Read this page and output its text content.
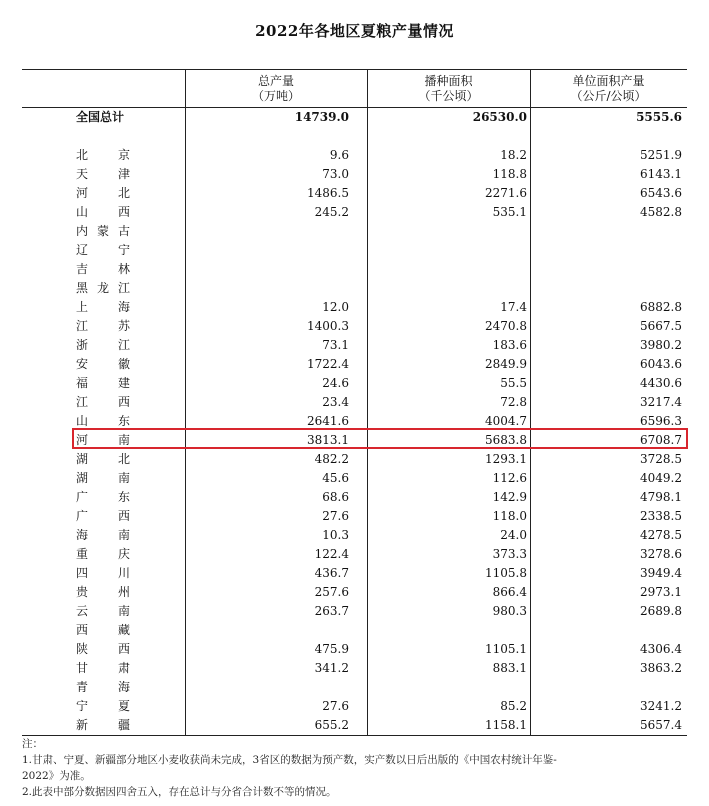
2022年各地区夏粮产量情况
总产量
（万吨）
播种面积
（千公顷）
单位面积产量
（公斤/公顷）
全国总计	14739.0	26530.0	5555.6
北京	9.6	18.2	5251.9
天津	73.0	118.8	6143.1
河北	1486.5	2271.6	6543.6
山西	245.2	535.1	4582.8
内蒙古
辽宁
吉林
黑龙江
上海	12.0	17.4	6882.8
江苏	1400.3	2470.8	5667.5
浙江	73.1	183.6	3980.2
安徽	1722.4	2849.9	6043.6
福建	24.6	55.5	4430.6
江西	23.4	72.8	3217.4
山东	2641.6	4004.7	6596.3
河南	3813.1	5683.8	6708.7
湖北	482.2	1293.1	3728.5
湖南	45.6	112.6	4049.2
广东	68.6	142.9	4798.1
广西	27.6	118.0	2338.5
海南	10.3	24.0	4278.5
重庆	122.4	373.3	3278.6
四川	436.7	1105.8	3949.4
贵州	257.6	866.4	2973.1
云南	263.7	980.3	2689.8
西藏
陕西	475.9	1105.1	4306.4
甘肃	341.2	883.1	3863.2
青海
宁夏	27.6	85.2	3241.2
新疆	655.2	1158.1	5657.4
注：
1.甘肃、宁夏、新疆部分地区小麦收获尚未完成，3省区的数据为预产数，实产数以日后出版的《中国农村统计年鉴-
2022》为准。
2.此表中部分数据因四舍五入，存在总计与分省合计数不等的情况。
